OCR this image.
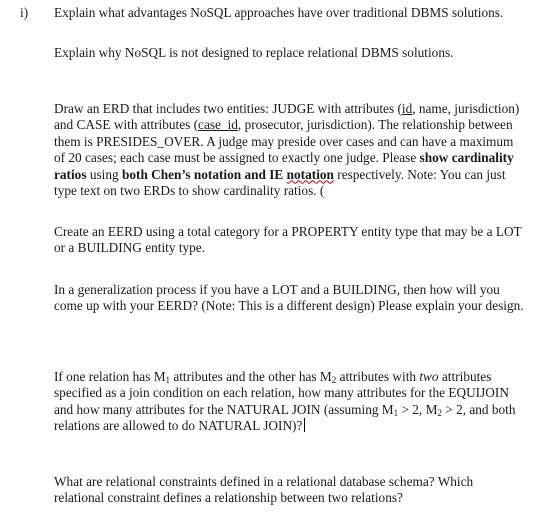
i) Explain what advantages NoSQL approaches have over traditional DBMS solutions.

Explain why NoSQL is not designed to replace relational DBMS solutions.

Draw an ERD that includes two entities: JUDGE with attributes (id, name, jurisdiction) and CASE with attributes (case_id, prosecutor, jurisdiction). The relationship between them is PRESIDES_OVER. A judge may preside over cases and can have a maximum of 20 cases; each case must be assigned to exactly one judge. Please show cardinality ratios using both Chen’s notation and IE notation respectively. Note: You can just type text on two ERDs to show cardinality ratios. (

Create an EERD using a total category for a PROPERTY entity type that may be a LOT or a BUILDING entity type.

In a generalization process if you have a LOT and a BUILDING, then how will you come up with your EERD? (Note: This is a different design) Please explain your design.

If one relation has $M_1$ attributes and the other has $M_2$ attributes with two attributes specified as a join condition on each relation, how many attributes for the EQUIJOIN and how many attributes for the NATURAL JOIN (assuming $M_1 > 2$, $M_2 > 2$, and both relations are allowed to do NATURAL JOIN)?

What are relational constraints defined in a relational database schema? Which relational constraint defines a relationship between two relations?
